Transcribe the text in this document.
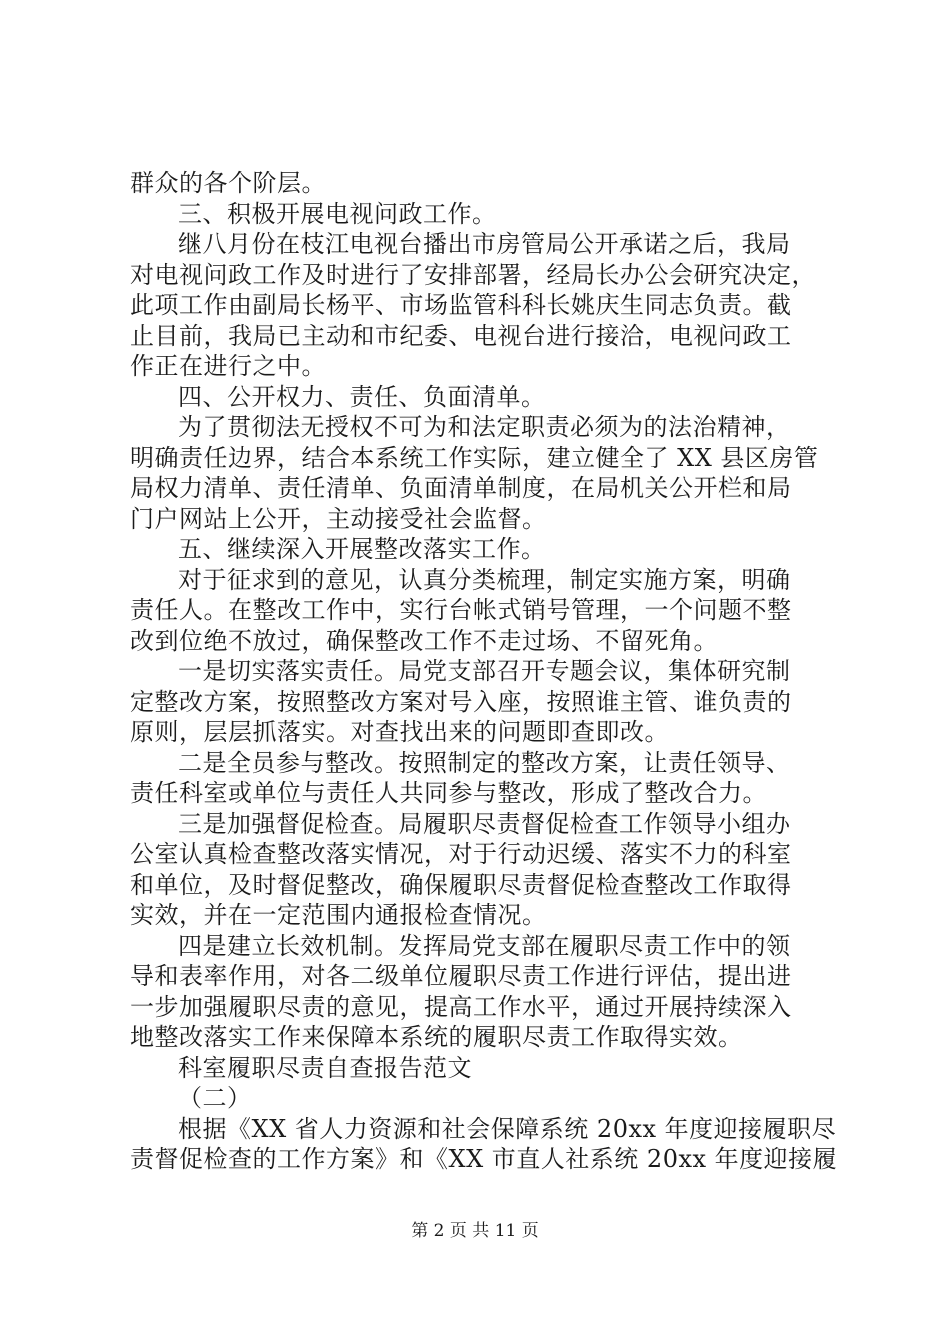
群众的各个阶层。
三、积极开展电视问政工作。
继八月份在枝江电视台播出市房管局公开承诺之后，我局
对电视问政工作及时进行了安排部署，经局长办公会研究决定，
此项工作由副局长杨平、市场监管科科长姚庆生同志负责。截
止目前，我局已主动和市纪委、电视台进行接洽，电视问政工
作正在进行之中。
四、公开权力、责任、负面清单。
为了贯彻法无授权不可为和法定职责必须为的法治精神，
明确责任边界，结合本系统工作实际，建立健全了 XX 县区房管
局权力清单、责任清单、负面清单制度，在局机关公开栏和局
门户网站上公开，主动接受社会监督。
五、继续深入开展整改落实工作。
对于征求到的意见，认真分类梳理，制定实施方案，明确
责任人。在整改工作中，实行台帐式销号管理，一个问题不整
改到位绝不放过，确保整改工作不走过场、不留死角。
一是切实落实责任。局党支部召开专题会议，集体研究制
定整改方案，按照整改方案对号入座，按照谁主管、谁负责的
原则，层层抓落实。对查找出来的问题即查即改。
二是全员参与整改。按照制定的整改方案，让责任领导、
责任科室或单位与责任人共同参与整改，形成了整改合力。
三是加强督促检查。局履职尽责督促检查工作领导小组办
公室认真检查整改落实情况，对于行动迟缓、落实不力的科室
和单位，及时督促整改，确保履职尽责督促检查整改工作取得
实效，并在一定范围内通报检查情况。
四是建立长效机制。发挥局党支部在履职尽责工作中的领
导和表率作用，对各二级单位履职尽责工作进行评估，提出进
一步加强履职尽责的意见，提高工作水平，通过开展持续深入
地整改落实工作来保障本系统的履职尽责工作取得实效。
科室履职尽责自查报告范文
（二）
根据《XX 省人力资源和社会保障系统 20xx 年度迎接履职尽
责督促检查的工作方案》和《XX 市直人社系统 20xx 年度迎接履
第 2 页 共 11 页
